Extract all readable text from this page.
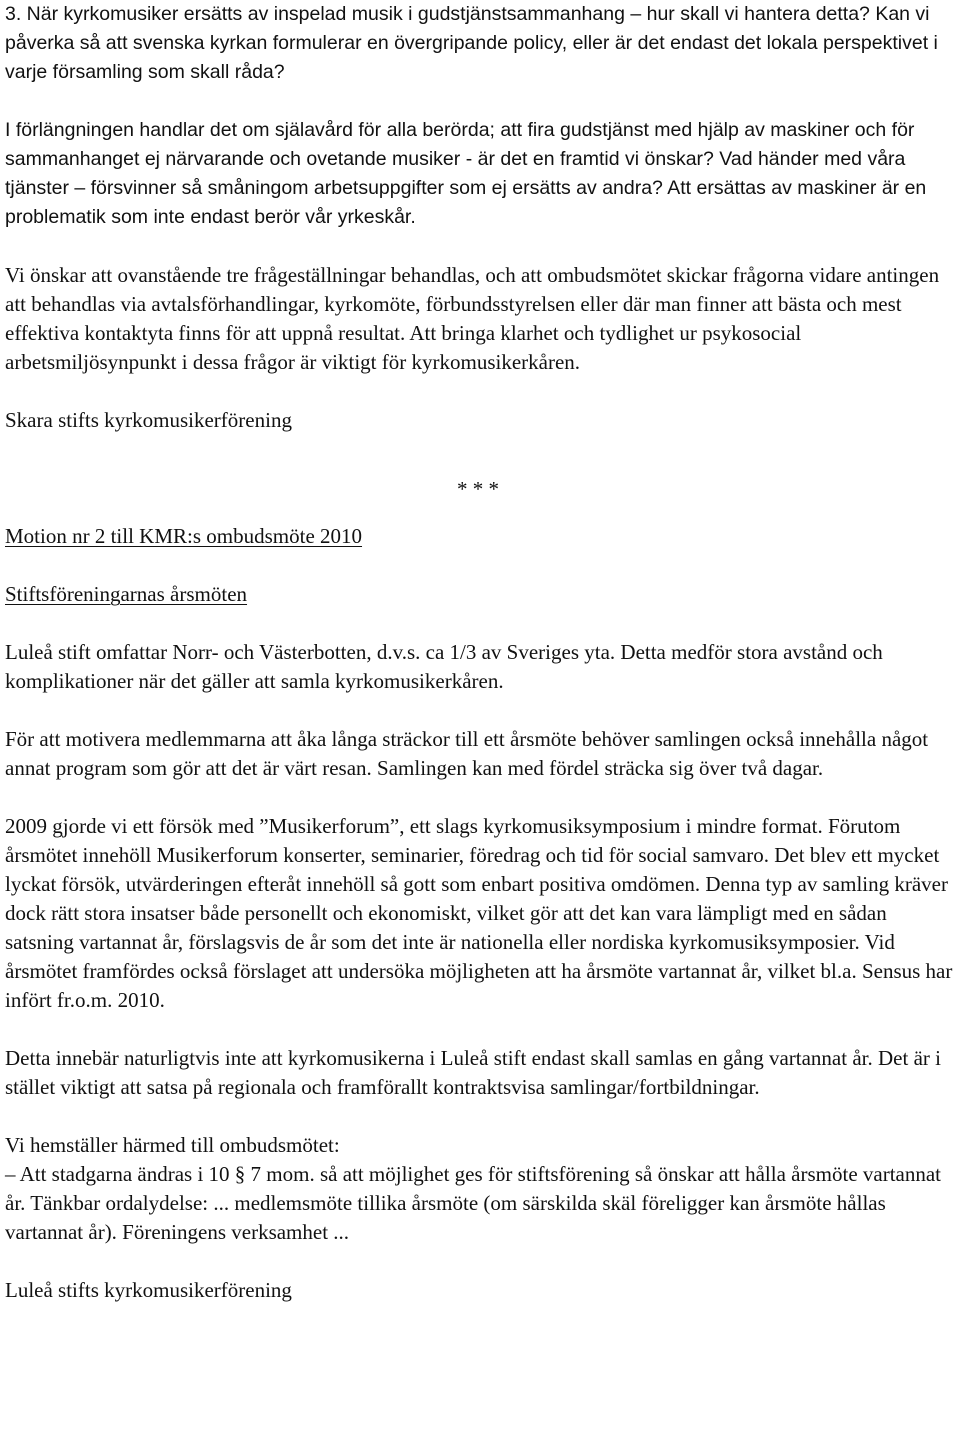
3. När kyrkomusiker ersätts av inspelad musik i gudstjänstsammanhang – hur skall vi hantera detta? Kan vi påverka så att svenska kyrkan formulerar en övergripande policy, eller är det endast det lokala perspektivet i varje församling som skall råda?

I förlängningen handlar det om själavård för alla berörda; att fira gudstjänst med hjälp av maskiner och för sammanhanget ej närvarande och ovetande musiker - är det en framtid vi önskar? Vad händer med våra tjänster – försvinner så småningom arbetsuppgifter som ej ersätts av andra? Att ersättas av maskiner är en problematik som inte endast berör vår yrkeskår.

Vi önskar att ovanstående tre frågeställningar behandlas, och att ombudsmötet skickar frågorna vidare antingen att behandlas via avtalsförhandlingar, kyrkomöte, förbundsstyrelsen eller där man finner att bästa och mest effektiva kontaktyta finns för att uppnå resultat. Att bringa klarhet och tydlighet ur psykosocial arbetsmiljösynpunkt i dessa frågor är viktigt för kyrkomusikerkåren.

Skara stifts kyrkomusikerförening

* * *

Motion nr 2 till KMR:s ombudsmöte 2010

Stiftsföreningarnas årsmöten

Luleå stift omfattar Norr- och Västerbotten, d.v.s. ca 1/3 av Sveriges yta. Detta medför stora avstånd och komplikationer när det gäller att samla kyrkomusikerkåren.

För att motivera medlemmarna att åka långa sträckor till ett årsmöte behöver samlingen också innehålla något annat program som gör att det är värt resan. Samlingen kan med fördel sträcka sig över två dagar.

2009 gjorde vi ett försök med ”Musikerforum”, ett slags kyrkomusiksymposium i mindre format. Förutom årsmötet innehöll Musikerforum konserter, seminarier, föredrag och tid för social samvaro. Det blev ett mycket lyckat försök, utvärderingen efteråt innehöll så gott som enbart positiva omdömen. Denna typ av samling kräver dock rätt stora insatser både personellt och ekonomiskt, vilket gör att det kan vara lämpligt med en sådan satsning vartannat år, förslagsvis de år som det inte är nationella eller nordiska kyrkomusiksymposier. Vid årsmötet framfördes också förslaget att undersöka möjligheten att ha årsmöte vartannat år, vilket bl.a. Sensus har infört fr.o.m. 2010.

Detta innebär naturligtvis inte att kyrkomusikerna i Luleå stift endast skall samlas en gång vartannat år. Det är i stället viktigt att satsa på regionala och framförallt kontraktsvisa samlingar/fortbildningar.

Vi hemställer härmed till ombudsmötet:

– Att stadgarna ändras i 10 § 7 mom. så att möjlighet ges för stiftsförening så önskar att hålla årsmöte vartannat år. Tänkbar ordalydelse: ... medlemsmöte tillika årsmöte (om särskilda skäl föreligger kan årsmöte hållas vartannat år). Föreningens verksamhet ...

Luleå stifts kyrkomusikerförening
